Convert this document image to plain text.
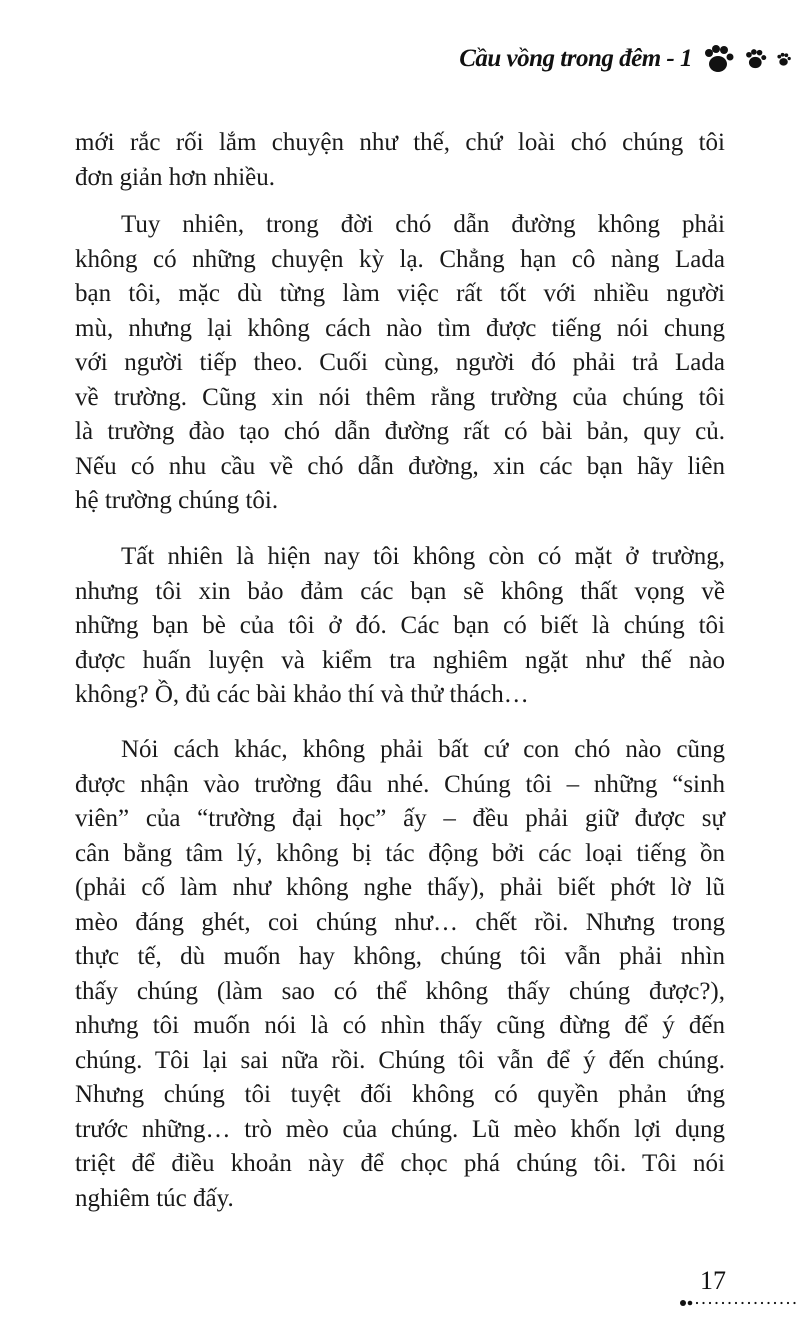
Cầu vồng trong đêm - 1
mới rắc rối lắm chuyện như thế, chứ loài chó chúng tôi
đơn giản hơn nhiều.
Tuy nhiên, trong đời chó dẫn đường không phải
không có những chuyện kỳ lạ. Chẳng hạn cô nàng Lada
bạn tôi, mặc dù từng làm việc rất tốt với nhiều người
mù, nhưng lại không cách nào tìm được tiếng nói chung
với người tiếp theo. Cuối cùng, người đó phải trả Lada
về trường. Cũng xin nói thêm rằng trường của chúng tôi
là trường đào tạo chó dẫn đường rất có bài bản, quy củ.
Nếu có nhu cầu về chó dẫn đường, xin các bạn hãy liên
hệ trường chúng tôi.
Tất nhiên là hiện nay tôi không còn có mặt ở trường,
nhưng tôi xin bảo đảm các bạn sẽ không thất vọng về
những bạn bè của tôi ở đó. Các bạn có biết là chúng tôi
được huấn luyện và kiểm tra nghiêm ngặt như thế nào
không? Ồ, đủ các bài khảo thí và thử thách…
Nói cách khác, không phải bất cứ con chó nào cũng
được nhận vào trường đâu nhé. Chúng tôi – những “sinh
viên” của “trường đại học” ấy – đều phải giữ được sự
cân bằng tâm lý, không bị tác động bởi các loại tiếng ồn
(phải cố làm như không nghe thấy), phải biết phớt lờ lũ
mèo đáng ghét, coi chúng như… chết rồi. Nhưng trong
thực tế, dù muốn hay không, chúng tôi vẫn phải nhìn
thấy chúng (làm sao có thể không thấy chúng được?),
nhưng tôi muốn nói là có nhìn thấy cũng đừng để ý đến
chúng. Tôi lại sai nữa rồi. Chúng tôi vẫn để ý đến chúng.
Nhưng chúng tôi tuyệt đối không có quyền phản ứng
trước những… trò mèo của chúng. Lũ mèo khốn lợi dụng
triệt để điều khoản này để chọc phá chúng tôi. Tôi nói
nghiêm túc đấy.
17
